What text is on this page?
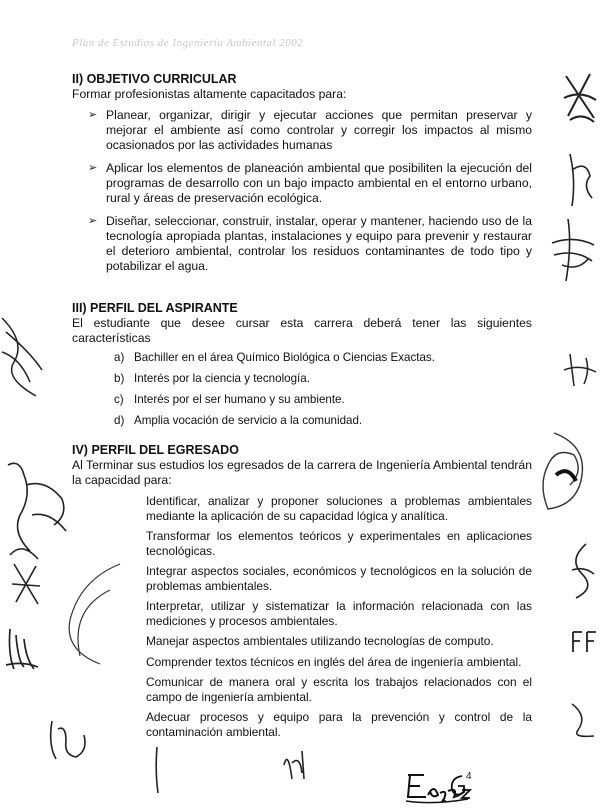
Plan de Estudios de Ingeniería Ambiental 2002
II) OBJETIVO CURRICULAR

Formar profesionistas altamente capacitados para:

➢ Planear, organizar, dirigir y ejecutar acciones que permitan preservar y mejorar el ambiente así como controlar y corregir los impactos al mismo ocasionados por las actividades humanas
➢ Aplicar los elementos de planeación ambiental que posibiliten la ejecución del programas de desarrollo con un bajo impacto ambiental en el entorno urbano, rural y áreas de preservación ecológica.
➢ Diseñar, seleccionar, construir, instalar, operar y mantener, haciendo uso de la tecnología apropiada plantas, instalaciones y equipo para prevenir y restaurar el deterioro ambiental, controlar los residuos contaminantes de todo tipo y potabilizar el agua.
III) PERFIL DEL ASPIRANTE

El estudiante que desee cursar esta carrera deberá tener las siguientes características

a) Bachiller en el área Químico Biológica o Ciencias Exactas.
b) Interés por la ciencia y tecnología.
c) Interés por el ser humano y su ambiente.
d) Amplia vocación de servicio a la comunidad.
IV) PERFIL DEL EGRESADO

Al Terminar sus estudios los egresados de la carrera de Ingeniería Ambiental tendrán la capacidad para:

Identificar, analizar y proponer soluciones a problemas ambientales mediante la aplicación de su capacidad lógica y analítica.
Transformar los elementos teóricos y experimentales en aplicaciones tecnológicas.
Integrar aspectos sociales, económicos y tecnológicos en la solución de problemas ambientales.
Interpretar, utilizar y sistematizar la información relacionada con las mediciones y procesos ambientales.
Manejar aspectos ambientales utilizando tecnologías de computo.
Comprender textos técnicos en inglés del área de ingeniería ambiental.
Comunicar de manera oral y escrita los trabajos relacionados con el campo de ingeniería ambiental.
Adecuar procesos y equipo para la prevención y control de la contaminación ambiental.
4
